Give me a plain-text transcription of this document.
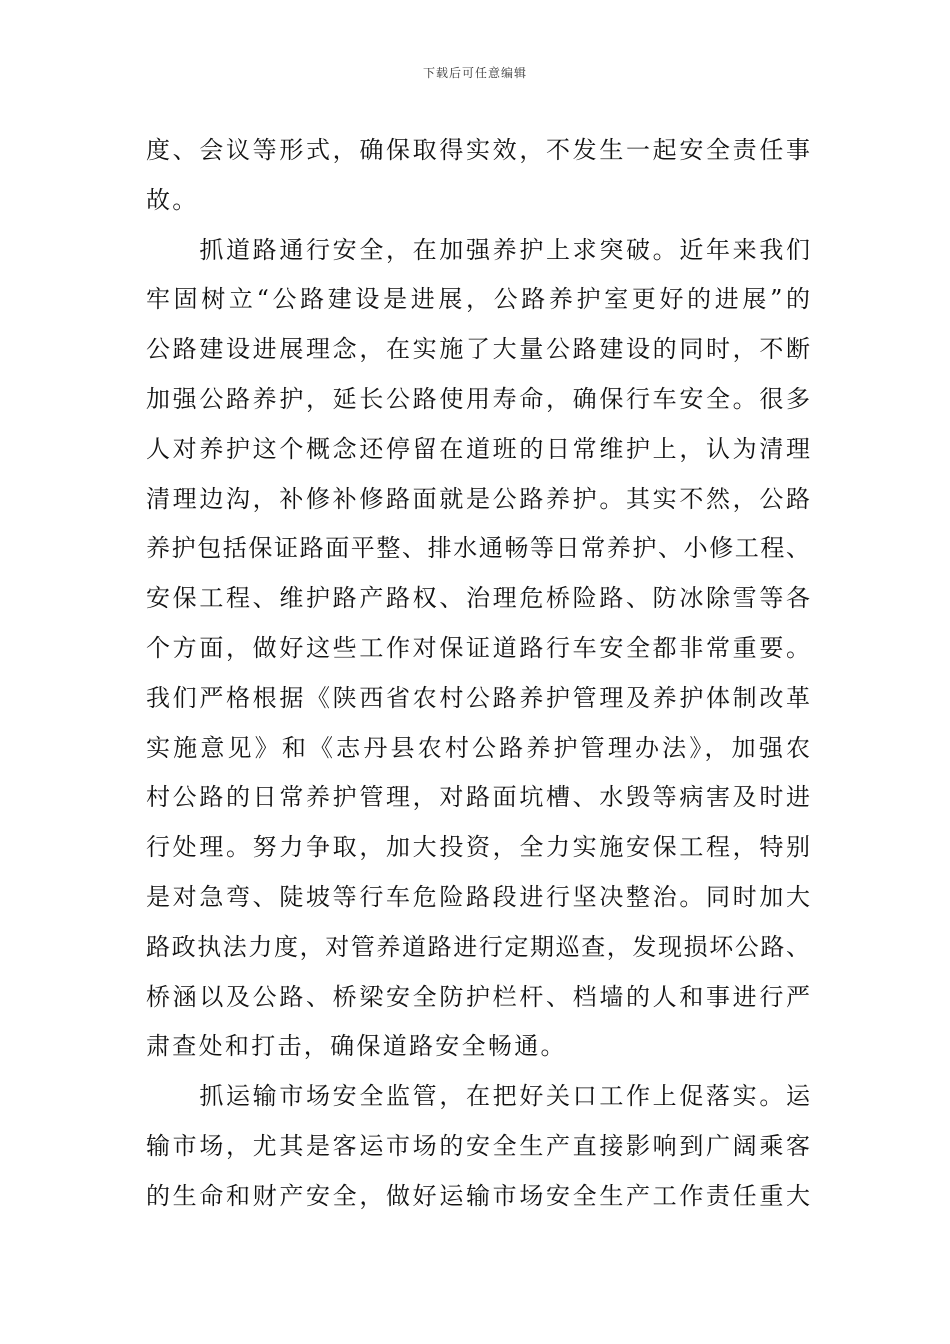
下载后可任意编辑
度、会议等形式，确保取得实效，不发生一起安全责任事
故。
　　抓道路通行安全，在加强养护上求突破。近年来我们
牢固树立“公路建设是进展，公路养护室更好的进展”的
公路建设进展理念，在实施了大量公路建设的同时，不断
加强公路养护，延长公路使用寿命，确保行车安全。很多
人对养护这个概念还停留在道班的日常维护上，认为清理
清理边沟，补修补修路面就是公路养护。其实不然，公路
养护包括保证路面平整、排水通畅等日常养护、小修工程、
安保工程、维护路产路权、治理危桥险路、防冰除雪等各
个方面，做好这些工作对保证道路行车安全都非常重要。
我们严格根据《陕西省农村公路养护管理及养护体制改革
实施意见》和《志丹县农村公路养护管理办法》，加强农
村公路的日常养护管理，对路面坑槽、水毁等病害及时进
行处理。努力争取，加大投资，全力实施安保工程，特别
是对急弯、陡坡等行车危险路段进行坚决整治。同时加大
路政执法力度，对管养道路进行定期巡查，发现损坏公路、
桥涵以及公路、桥梁安全防护栏杆、档墙的人和事进行严
肃查处和打击，确保道路安全畅通。
　　抓运输市场安全监管，在把好关口工作上促落实。运
输市场，尤其是客运市场的安全生产直接影响到广阔乘客
的生命和财产安全，做好运输市场安全生产工作责任重大
